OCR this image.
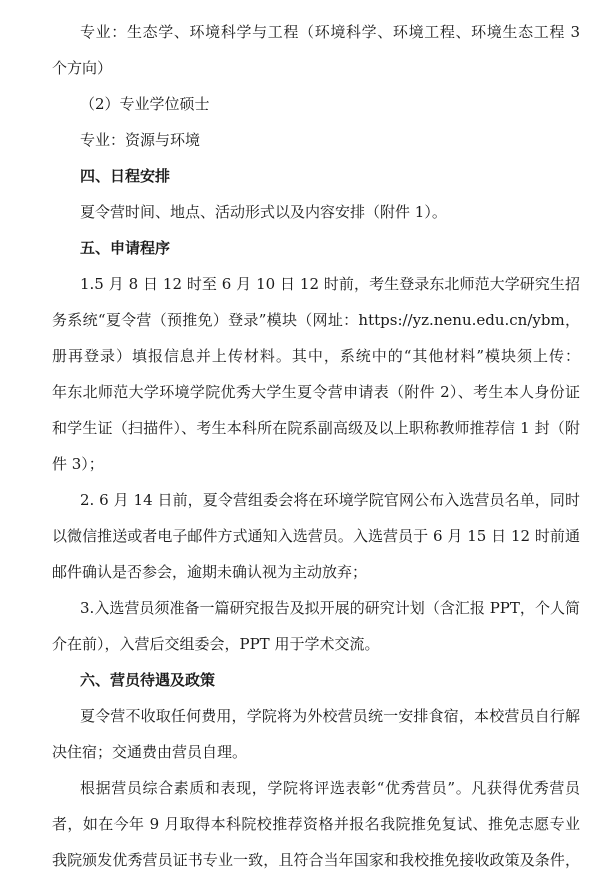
专业：生态学、环境科学与工程（环境科学、环境工程、环境生态工程 3
个方向）
（2）专业学位硕士
专业：资源与环境
四、日程安排
夏令营时间、地点、活动形式以及内容安排（附件 1）。
五、申请程序
1.5 月 8 日 12 时至 6 月 10 日 12 时前，考生登录东北师范大学研究生招
务系统“夏令营（预推免）登录”模块（网址：https://yz.nenu.edu.cn/ybm，
册再登录）填报信息并上传材料。其中，系统中的“其他材料”模块须上传：
年东北师范大学环境学院优秀大学生夏令营申请表（附件 2）、考生本人身份证
和学生证（扫描件）、考生本科所在院系副高级及以上职称教师推荐信 1 封（附
件 3）；
2. 6 月 14 日前，夏令营组委会将在环境学院官网公布入选营员名单，同时
以微信推送或者电子邮件方式通知入选营员。入选营员于 6 月 15 日 12 时前通
邮件确认是否参会，逾期未确认视为主动放弃；
3.入选营员须准备一篇研究报告及拟开展的研究计划（含汇报 PPT，个人简
介在前），入营后交组委会，PPT 用于学术交流。
六、营员待遇及政策
夏令营不收取任何费用，学院将为外校营员统一安排食宿，本校营员自行解
决住宿；交通费由营员自理。
根据营员综合素质和表现，学院将评选表彰“优秀营员”。凡获得优秀营员
者，如在今年 9 月取得本科院校推荐资格并报名我院推免复试、推免志愿专业
我院颁发优秀营员证书专业一致，且符合当年国家和我校推免接收政策及条件，
